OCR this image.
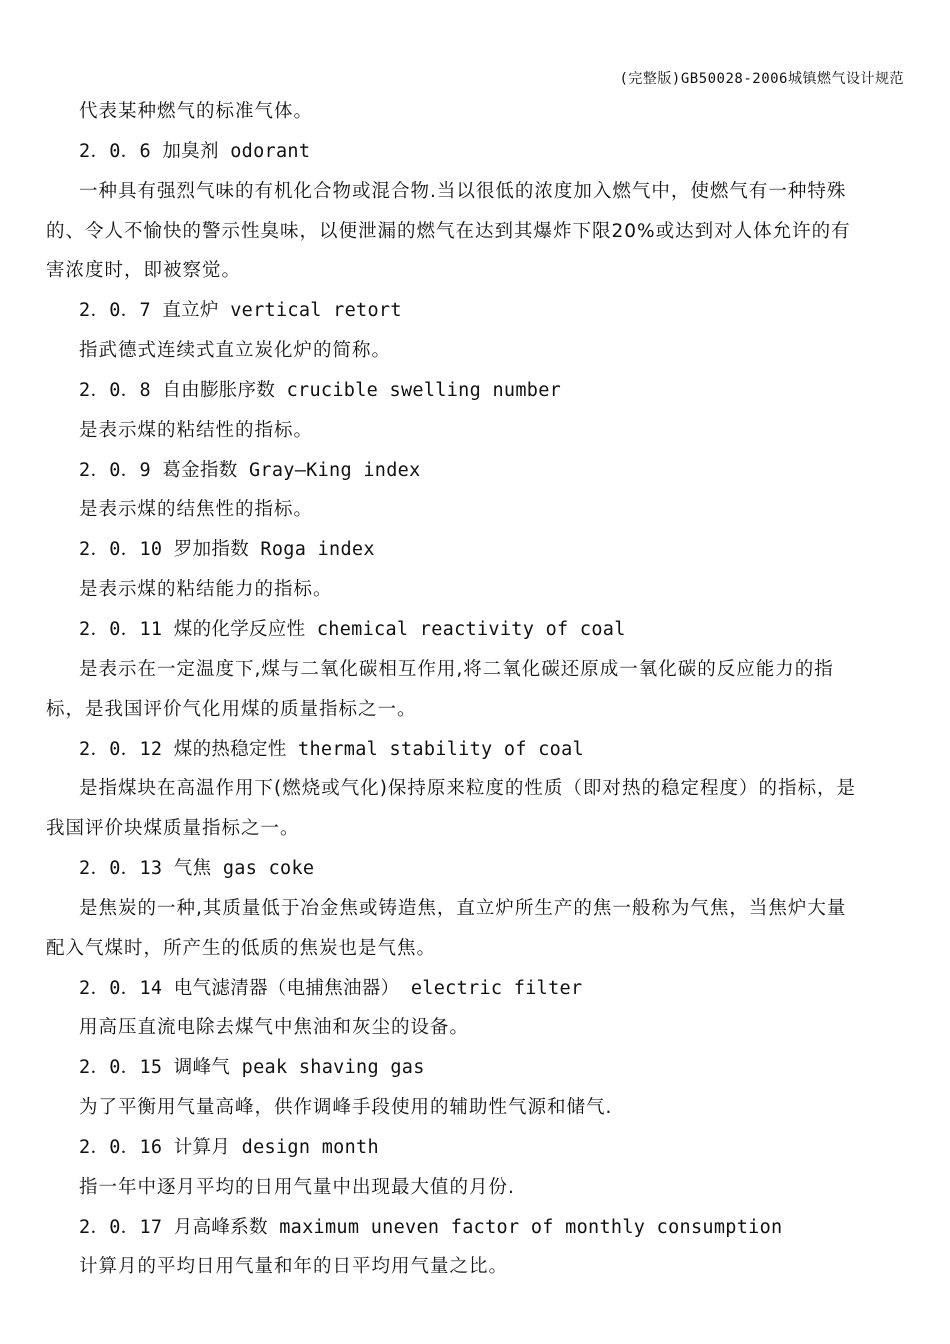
(完整版)GB50028-2006城镇燃气设计规范
代表某种燃气的标准气体。
2．0．6 加臭剂 odorant
一种具有强烈气味的有机化合物或混合物.当以很低的浓度加入燃气中，使燃气有一种特殊
的、令人不愉快的警示性臭味，以便泄漏的燃气在达到其爆炸下限20%或达到对人体允许的有
害浓度时，即被察觉。
2．0．7 直立炉 vertical retort
指武德式连续式直立炭化炉的简称。
2．0．8 自由膨胀序数 crucible swelling number
是表示煤的粘结性的指标。
2．0．9 葛金指数 Gray—King index
是表示煤的结焦性的指标。
2．0．10 罗加指数 Roga index
是表示煤的粘结能力的指标。
2．0．11 煤的化学反应性 chemical reactivity of coal
是表示在一定温度下,煤与二氧化碳相互作用,将二氧化碳还原成一氧化碳的反应能力的指
标，是我国评价气化用煤的质量指标之一。
2．0．12 煤的热稳定性 thermal stability of coal
是指煤块在高温作用下(燃烧或气化)保持原来粒度的性质（即对热的稳定程度）的指标，是
我国评价块煤质量指标之一。
2．0．13 气焦 gas coke
是焦炭的一种,其质量低于冶金焦或铸造焦，直立炉所生产的焦一般称为气焦，当焦炉大量
配入气煤时，所产生的低质的焦炭也是气焦。
2．0．14 电气滤清器（电捕焦油器） electric filter
用高压直流电除去煤气中焦油和灰尘的设备。
2．0．15 调峰气 peak shaving gas
为了平衡用气量高峰，供作调峰手段使用的辅助性气源和储气.
2．0．16 计算月 design month
指一年中逐月平均的日用气量中出现最大值的月份.
2．0．17 月高峰系数 maximum uneven factor of monthly consumption
计算月的平均日用气量和年的日平均用气量之比。
